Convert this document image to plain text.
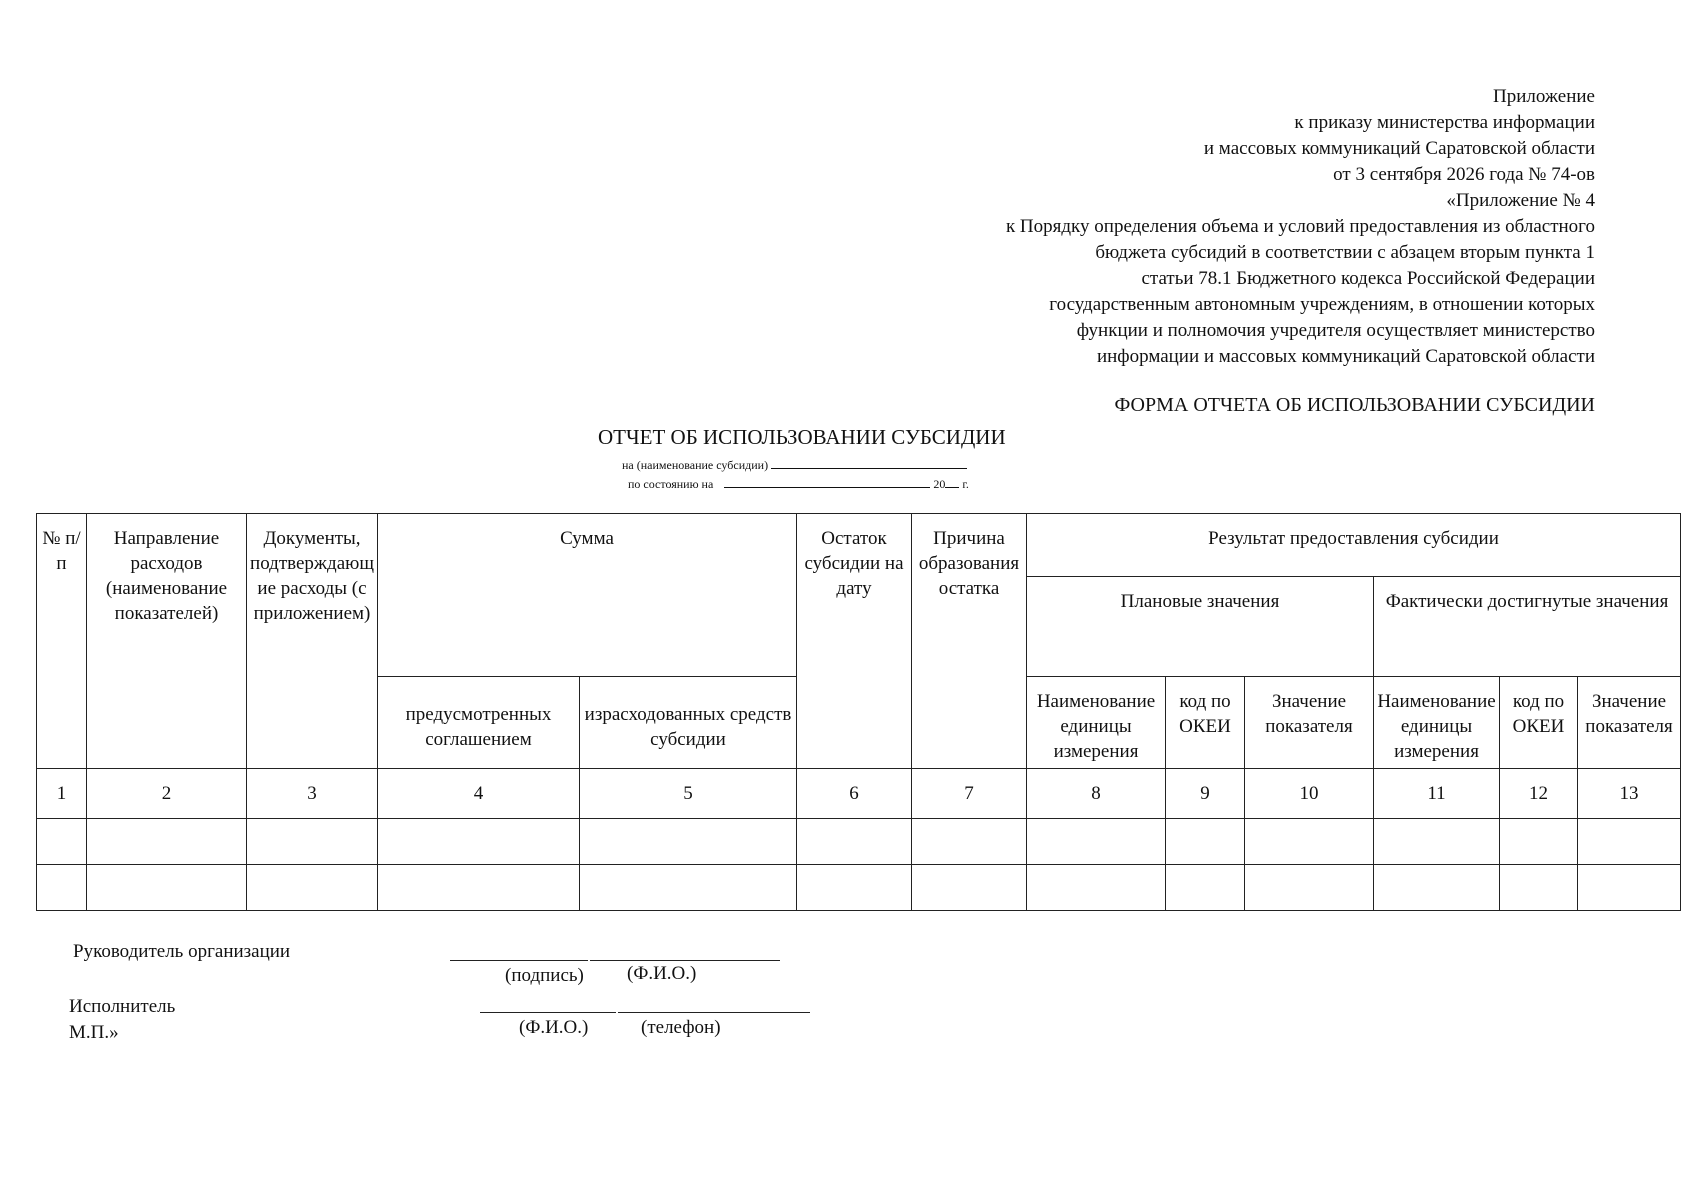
Приложение
к приказу министерства информации
и массовых коммуникаций Саратовской области
от 3 сентября 2026 года № 74-ов
«Приложение № 4
к Порядку определения объема и условий предоставления из областного
бюджета субсидий в соответствии с абзацем вторым пункта 1
статьи 78.1 Бюджетного кодекса Российской Федерации
государственным автономным учреждениям, в отношении которых
функции и полномочия учредителя осуществляет министерство
информации и массовых коммуникаций Саратовской области
ФОРМА ОТЧЕТА ОБ ИСПОЛЬЗОВАНИИ СУБСИДИИ
ОТЧЕТ ОБ ИСПОЛЬЗОВАНИИ СУБСИДИИ
на (наименование субсидии)
по состоянию на	20 г.
№ п/п	Направление расходов (наименование показателей)	Документы, подтверждающие расходы (с приложением)	Сумма		Остаток субсидии на дату	Причина образования остатка	Результат предоставления субсидии					
							Плановые значения			Фактически достигнутые значения		
			предусмотренных соглашением	израсходованных средств субсидии			Наименование единицы измерения	код по ОКЕИ	Значение показателя	Наименование единицы измерения	код по ОКЕИ	Значение показателя
1	2	3	4	5	6	7	8	9	10	11	12	13

Руководитель организации
(подпись) (Ф.И.О.)
Исполнитель
М.П.»	(Ф.И.О.)	(телефон)
